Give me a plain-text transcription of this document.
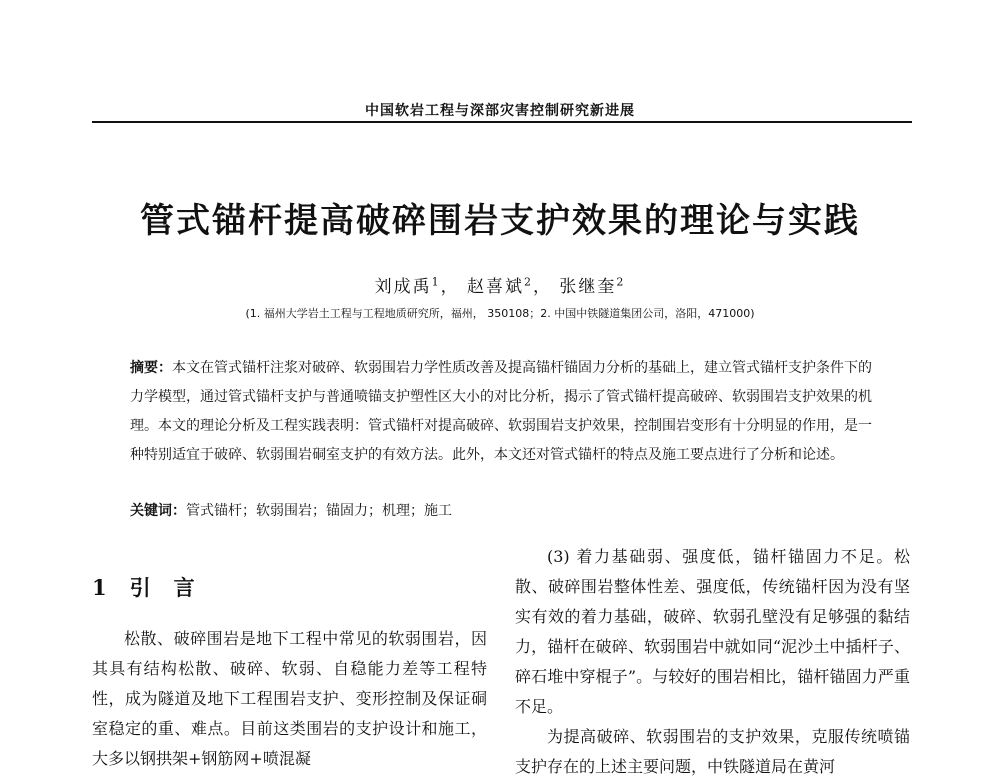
中国软岩工程与深部灾害控制研究新进展
管式锚杆提高破碎围岩支护效果的理论与实践
刘成禹$^1$， 赵喜斌$^2$， 张继奎$^2$
(1. 福州大学岩土工程与工程地质研究所，福州， 350108；2. 中国中铁隧道集团公司，洛阳，471000)
摘要：本文在管式锚杆注浆对破碎、软弱围岩力学性质改善及提高锚杆锚固力分析的基础上，建立管式锚杆支护条件下的力学模型，通过管式锚杆支护与普通喷锚支护塑性区大小的对比分析，揭示了管式锚杆提高破碎、软弱围岩支护效果的机理。本文的理论分析及工程实践表明：管式锚杆对提高破碎、软弱围岩支护效果，控制围岩变形有十分明显的作用，是一种特别适宜于破碎、软弱围岩硐室支护的有效方法。此外，本文还对管式锚杆的特点及施工要点进行了分析和论述。
关键词：管式锚杆；软弱围岩；锚固力；机理；施工
1 引　言

松散、破碎围岩是地下工程中常见的软弱围岩，因其具有结构松散、破碎、软弱、自稳能力差等工程特性，成为隧道及地下工程围岩支护、变形控制及保证硐室稳定的重、难点。目前这类围岩的支护设计和施工，大多以钢拱架+钢筋网+喷混凝

(3) 着力基础弱、强度低，锚杆锚固力不足。松散、破碎围岩整体性差、强度低，传统锚杆因为没有坚实有效的着力基础，破碎、软弱孔壁没有足够强的黏结力，锚杆在破碎、软弱围岩中就如同“泥沙土中插杆子、碎石堆中穿棍子”。与较好的围岩相比，锚杆锚固力严重不足。

为提高破碎、软弱围岩的支护效果，克服传统喷锚支护存在的上述主要问题，中铁隧道局在黄河
